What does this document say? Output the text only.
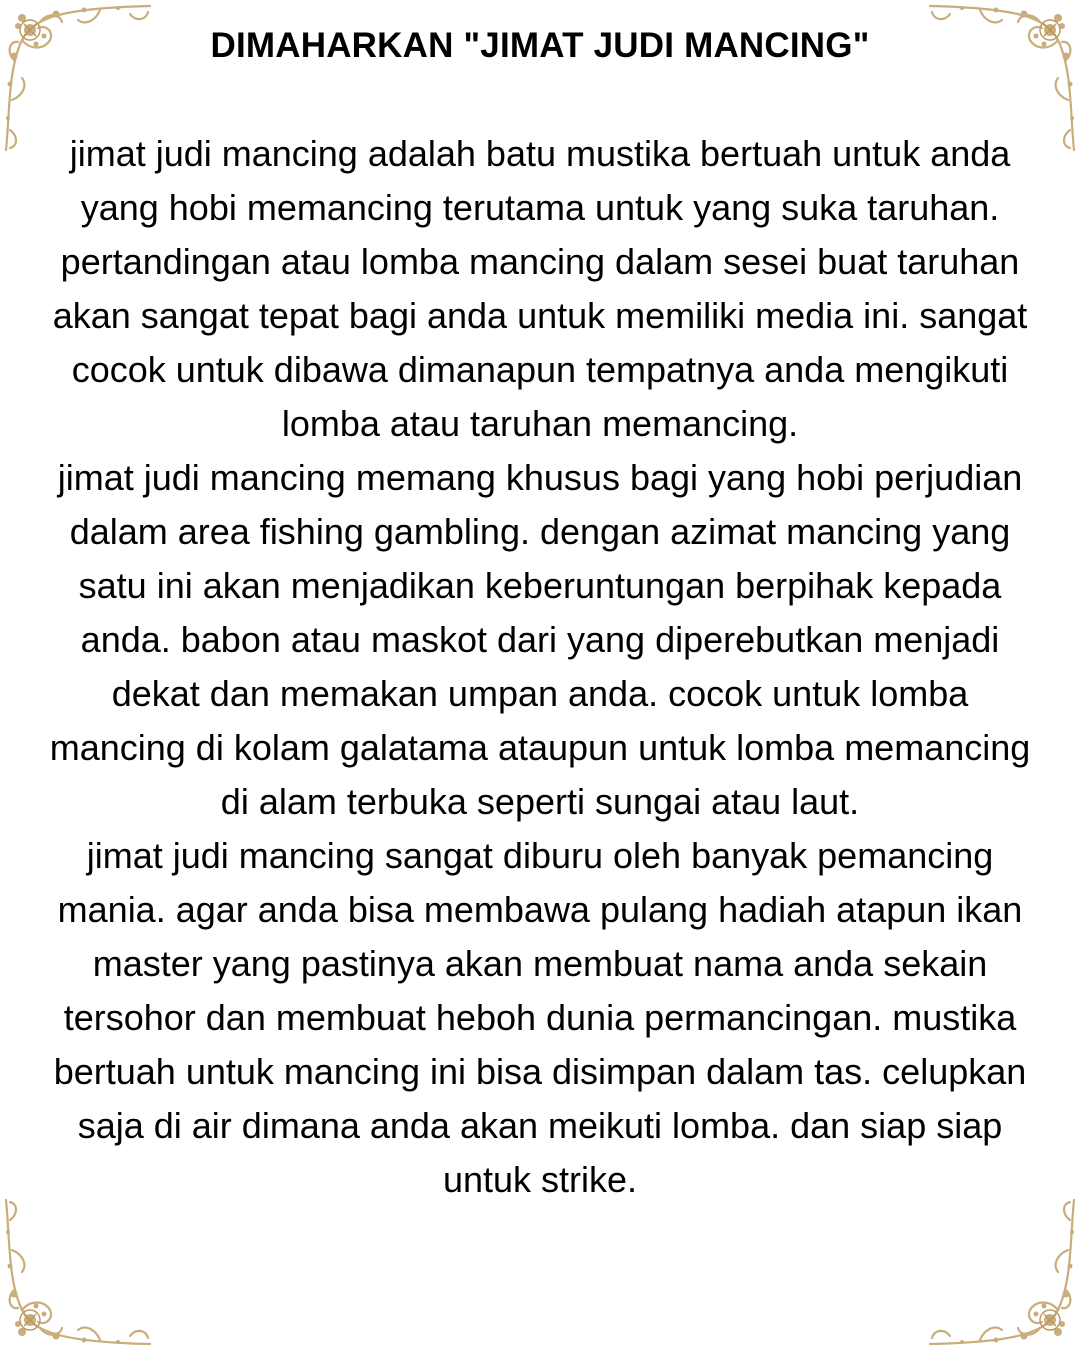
DIMAHARKAN "JIMAT JUDI MANCING"

jimat judi mancing adalah batu mustika bertuah untuk anda yang hobi memancing terutama untuk yang suka taruhan. pertandingan atau lomba mancing dalam sesei buat taruhan akan sangat tepat bagi anda untuk memiliki media ini. sangat cocok untuk dibawa dimanapun tempatnya anda mengikuti lomba atau taruhan memancing.

jimat judi mancing memang khusus bagi yang hobi perjudian dalam area fishing gambling. dengan azimat mancing yang satu ini akan menjadikan keberuntungan berpihak kepada anda. babon atau maskot dari yang diperebutkan menjadi dekat dan memakan umpan anda. cocok untuk lomba mancing di kolam galatama ataupun untuk lomba memancing di alam terbuka seperti sungai atau laut.

jimat judi mancing sangat diburu oleh banyak pemancing mania. agar anda bisa membawa pulang hadiah atapun ikan master yang pastinya akan membuat nama anda sekain tersohor dan membuat heboh dunia permancingan. mustika bertuah untuk mancing ini bisa disimpan dalam tas. celupkan saja di air dimana anda akan meikuti lomba. dan siap siap untuk strike.
